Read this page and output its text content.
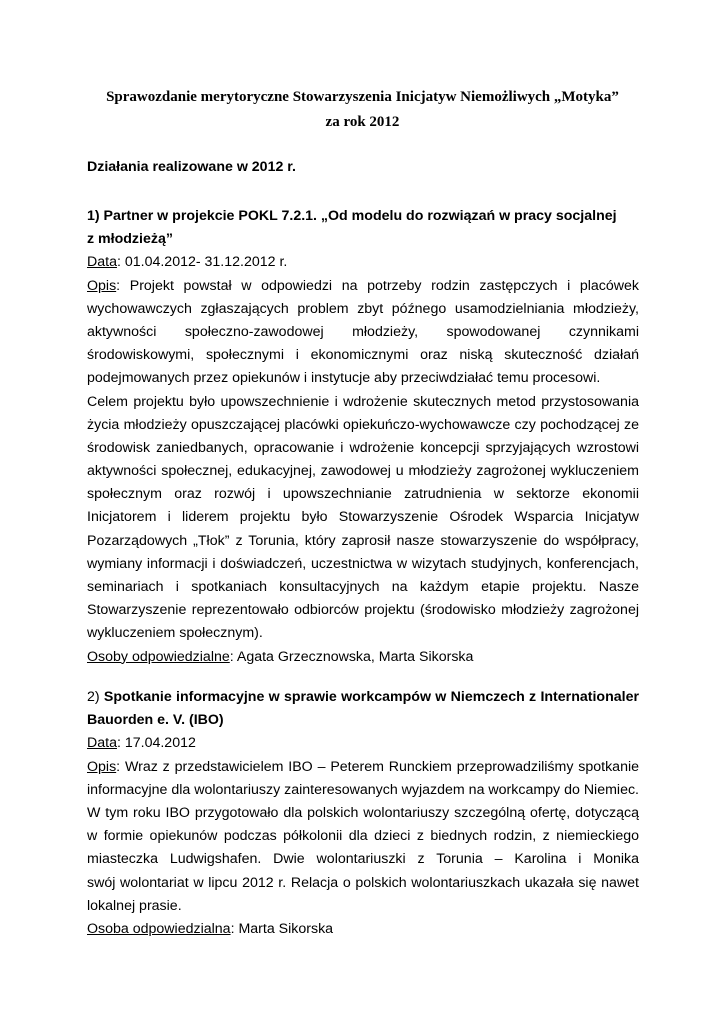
Sprawozdanie merytoryczne Stowarzyszenia Inicjatyw Niemożliwych „Motyka”
za rok 2012
Działania realizowane w 2012 r.
1) Partner w projekcie POKL 7.2.1. „Od modelu do rozwiązań w pracy socjalnej
z młodzieżą”
Data: 01.04.2012- 31.12.2012 r.
Opis: Projekt powstał w odpowiedzi na potrzeby rodzin zastępczych i placówek
wychowawczych zgłaszających problem zbyt późnego usamodzielniania młodzieży,
aktywności społeczno-zawodowej młodzieży, spowodowanej czynnikami
środowiskowymi, społecznymi i ekonomicznymi oraz niską skuteczność działań
podejmowanych przez opiekunów i instytucje aby przeciwdziałać temu procesowi.
Celem projektu było upowszechnienie i wdrożenie skutecznych metod przystosowania
życia młodzieży opuszczającej placówki opiekuńczo-wychowawcze czy pochodzącej ze
środowisk zaniedbanych, opracowanie i wdrożenie koncepcji sprzyjających wzrostowi
aktywności społecznej, edukacyjnej, zawodowej u młodzieży zagrożonej wykluczeniem
społecznym oraz rozwój i upowszechnianie zatrudnienia w sektorze ekonomii
Inicjatorem i liderem projektu było Stowarzyszenie Ośrodek Wsparcia Inicjatyw
Pozarządowych „Tłok” z Torunia, który zaprosił nasze stowarzyszenie do współpracy,
wymiany informacji i doświadczeń, uczestnictwa w wizytach studyjnych, konferencjach,
seminariach i spotkaniach konsultacyjnych na każdym etapie projektu. Nasze
Stowarzyszenie reprezentowało odbiorców projektu (środowisko młodzieży zagrożonej
wykluczeniem społecznym).
Osoby odpowiedzialne: Agata Grzecznowska, Marta Sikorska
2) Spotkanie informacyjne w sprawie workcampów w Niemczech z Internationaler
Bauorden e. V. (IBO)
Data: 17.04.2012
Opis: Wraz z przedstawicielem IBO – Peterem Runckiem przeprowadziliśmy spotkanie
informacyjne dla wolontariuszy zainteresowanych wyjazdem na workcampy do Niemiec.
W tym roku IBO przygotowało dla polskich wolontariuszy szczególną ofertę, dotyczącą
w formie opiekunów podczas półkolonii dla dzieci z biednych rodzin, z niemieckiego
miasteczka Ludwigshafen. Dwie wolontariuszki z Torunia – Karolina i Monika
swój wolontariat w lipcu 2012 r. Relacja o polskich wolontariuszkach ukazała się nawet
lokalnej prasie.
Osoba odpowiedzialna: Marta Sikorska
